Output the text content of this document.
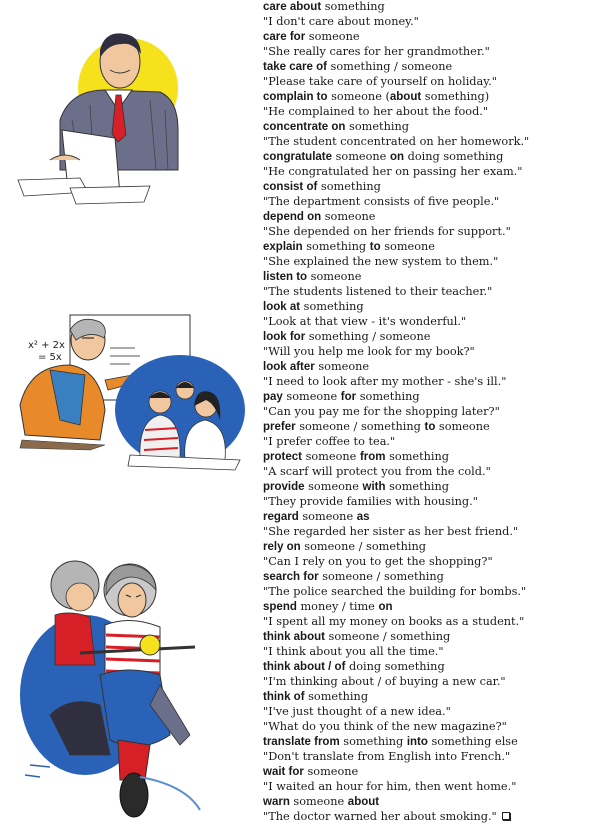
x² + 2x
= 5x
care about something
"I don't care about money."
care for someone
"She really cares for her grandmother."
take care of something / someone
"Please take care of yourself on holiday."
complain to someone (about something)
"He complained to her about the food."
concentrate on something
"The student concentrated on her homework."
congratulate someone on doing something
"He congratulated her on passing her exam."
consist of something
"The department consists of five people."
depend on someone
"She depended on her friends for support."
explain something to someone
"She explained the new system to them."
listen to someone
"The students listened to their teacher."
look at something
"Look at that view - it's wonderful."
look for something / someone
"Will you help me look for my book?"
look after someone
"I need to look after my mother - she's ill."
pay someone for something
"Can you pay me for the shopping later?"
prefer someone / something to someone
"I prefer coffee to tea."
protect someone from something
"A scarf will protect you from the cold."
provide someone with something
"They provide families with housing."
regard someone as
"She regarded her sister as her best friend."
rely on someone / something
"Can I rely on you to get the shopping?"
search for someone / something
"The police searched the building for bombs."
spend money / time on
"I spent all my money on books as a student."
think about someone / something
"I think about you all the time."
think about / of doing something
"I'm thinking about / of buying a new car."
think of something
"I've just thought of a new idea."
"What do you think of the new magazine?"
translate from something into something else
"Don't translate from English into French."
wait for someone
"I waited an hour for him, then went home."
warn someone about
"The doctor warned her about smoking."
